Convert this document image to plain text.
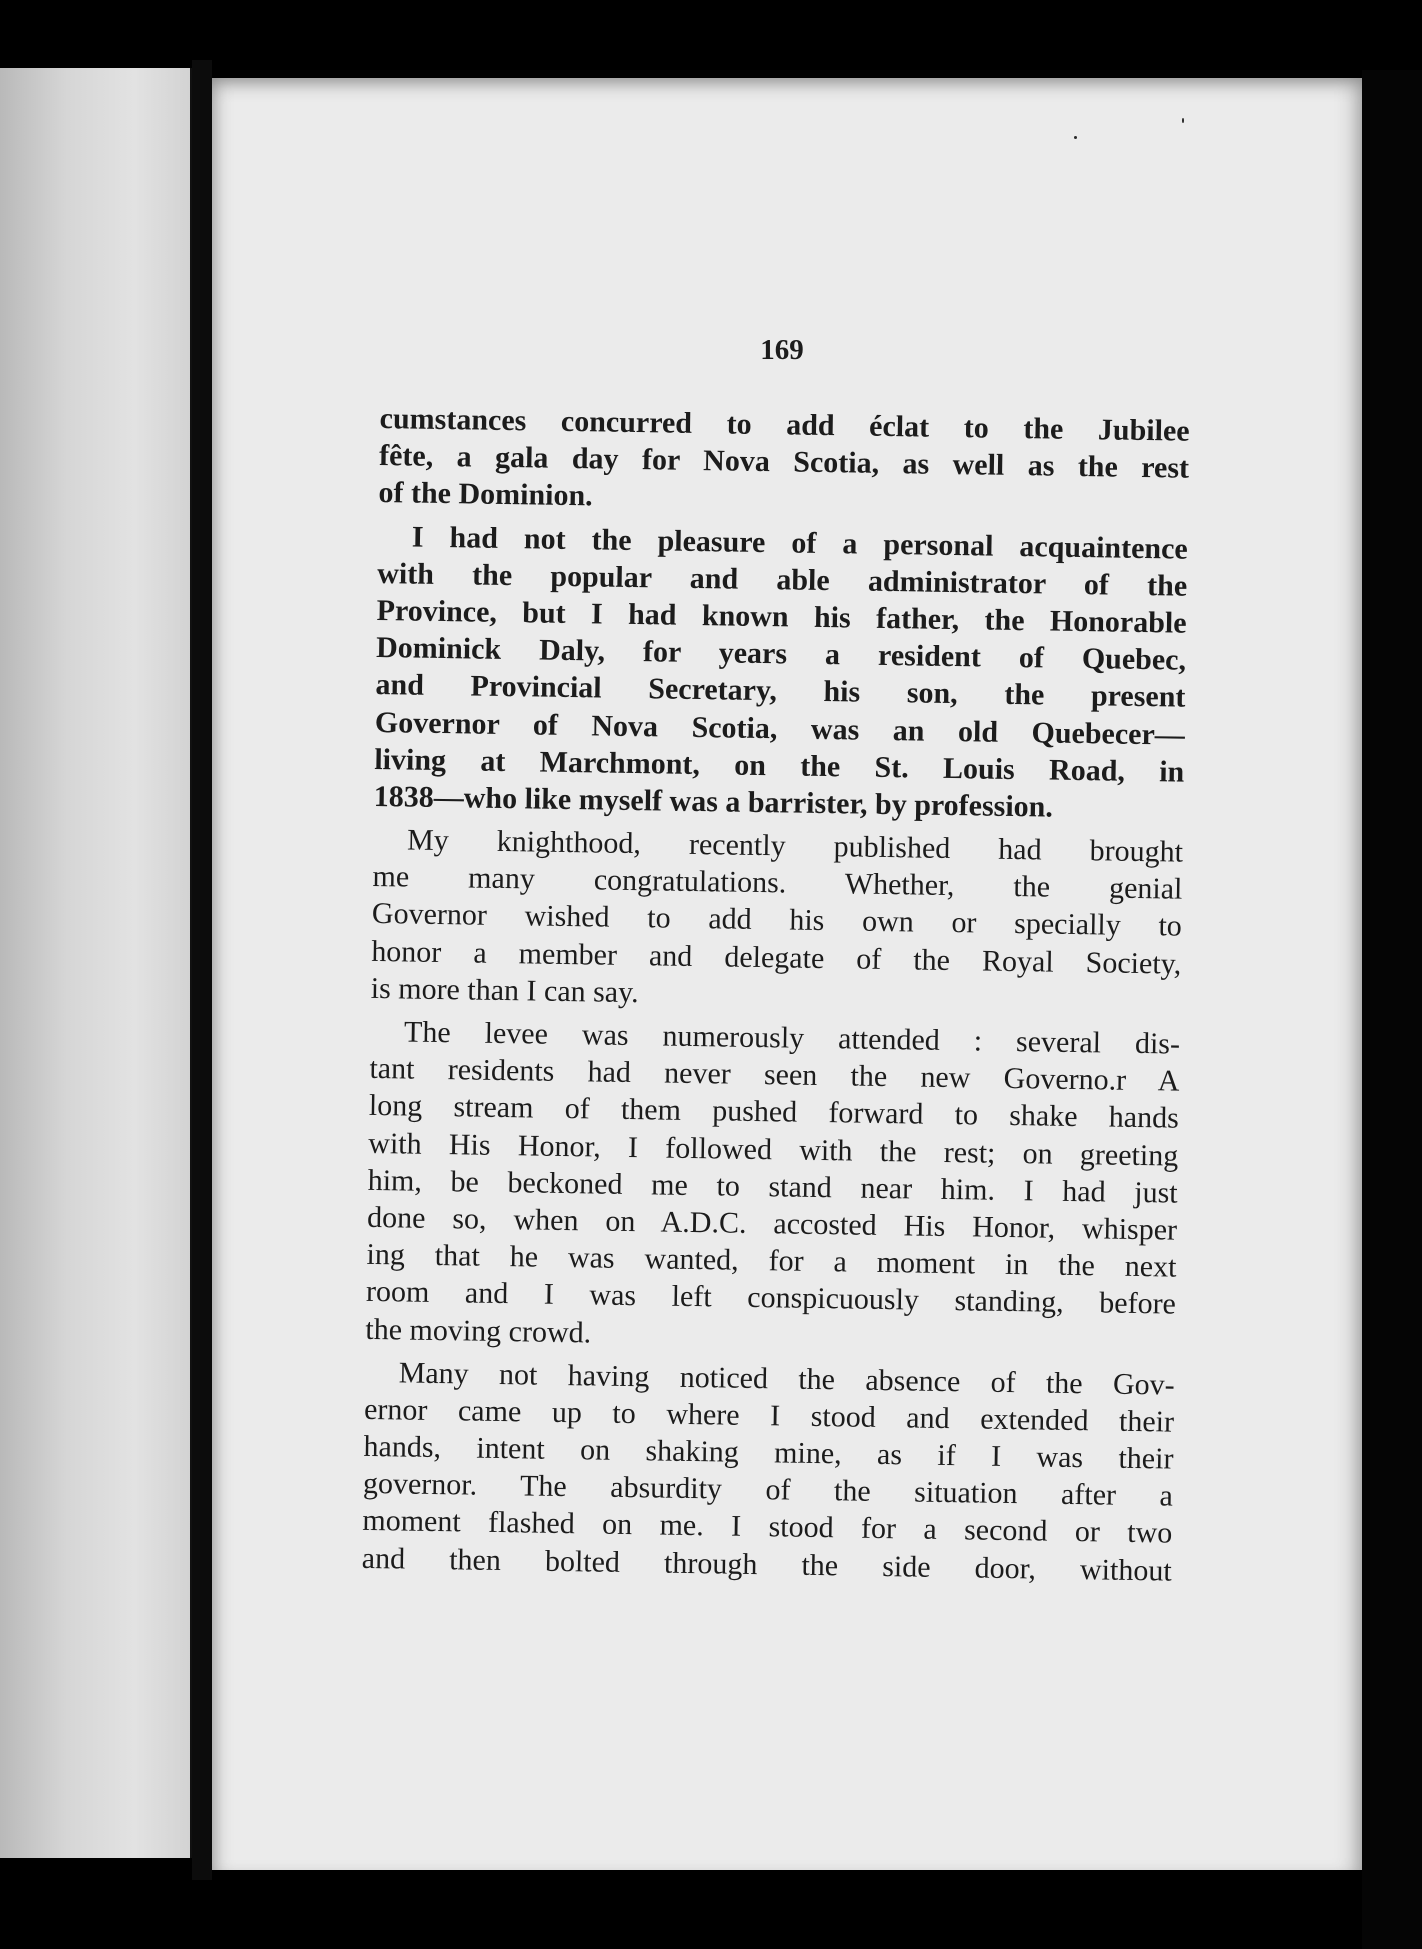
169
cumstances concurred to add éclat to the Jubilee
fête, a gala day for Nova Scotia, as well as the rest
of the Dominion.
I had not the pleasure of a personal acquaintence
with the popular and able administrator of the
Province, but I had known his father, the Honorable
Dominick Daly, for years a resident of Quebec,
and Provincial Secretary, his son, the present
Governor of Nova Scotia, was an old Quebecer—
living at Marchmont, on the St. Louis Road, in
1838—who like myself was a barrister, by profession.
My knighthood, recently published had brought
me many congratulations. Whether, the genial
Governor wished to add his own or specially to
honor a member and delegate of the Royal Society,
is more than I can say.
The levee was numerously attended : several dis-
tant residents had never seen the new Governo.r A
long stream of them pushed forward to shake hands
with His Honor, I followed with the rest; on greeting
him, be beckoned me to stand near him. I had just
done so, when on A.D.C. accosted His Honor, whisper
ing that he was wanted, for a moment in the next
room and I was left conspicuously standing, before
the moving crowd.
Many not having noticed the absence of the Gov-
ernor came up to where I stood and extended their
hands, intent on shaking mine, as if I was their
governor. The absurdity of the situation after a
moment flashed on me. I stood for a second or two
and then bolted through the side door, without
